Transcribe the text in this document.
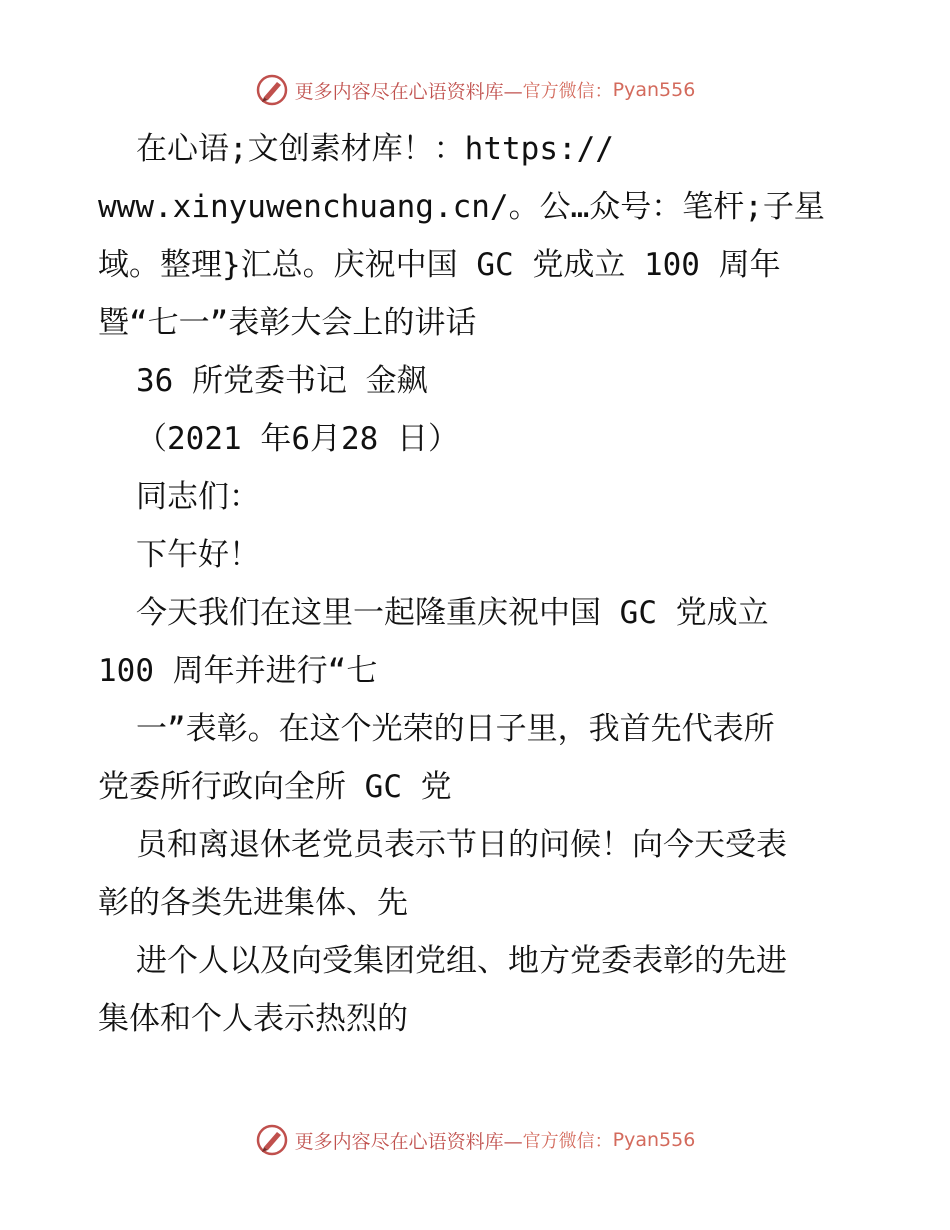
更多内容尽在心语资料库— 官方微信： Pyan556
在心语;文创素材库！：https://
www.xinyuwenchuang.cn/。公…众号：笔杆;子星
域。整理}汇总。庆祝中国 GC 党成立 100 周年
暨“七一”表彰大会上的讲话
36 所党委书记 金飙
（2021 年6月28 日）
同志们：
下午好！
今天我们在这里一起隆重庆祝中国 GC 党成立
100 周年并进行“七
一”表彰。在这个光荣的日子里，我首先代表所
党委所行政向全所 GC 党
员和离退休老党员表示节日的问候！向今天受表
彰的各类先进集体、先
进个人以及向受集团党组、地方党委表彰的先进
集体和个人表示热烈的
更多内容尽在心语资料库— 官方微信： Pyan556
